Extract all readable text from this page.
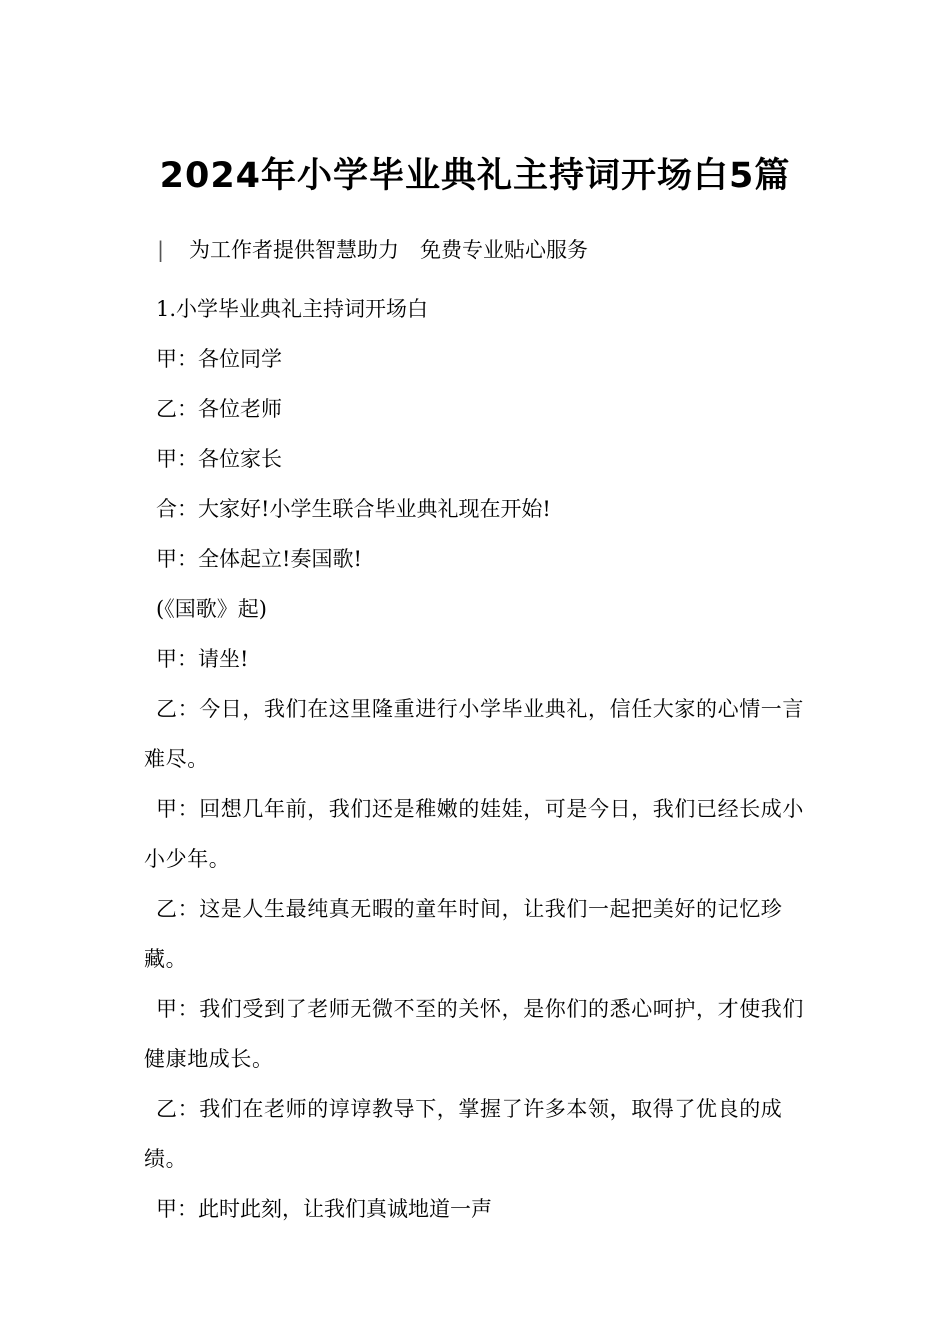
2024年小学毕业典礼主持词开场白5篇
| 为工作者提供智慧助力　免费专业贴心服务

1.小学毕业典礼主持词开场白

甲：各位同学

乙：各位老师

甲：各位家长

合：大家好!小学生联合毕业典礼现在开始!

甲：全体起立!奏国歌!

(《国歌》起)

甲：请坐!

乙：今日，我们在这里隆重进行小学毕业典礼，信任大家的心情一言难尽。

甲：回想几年前，我们还是稚嫩的娃娃，可是今日，我们已经长成小小少年。

乙：这是人生最纯真无暇的童年时间，让我们一起把美好的记忆珍藏。

甲：我们受到了老师无微不至的关怀，是你们的悉心呵护，才使我们健康地成长。

乙：我们在老师的谆谆教导下，掌握了许多本领，取得了优良的成绩。

甲：此时此刻，让我们真诚地道一声
